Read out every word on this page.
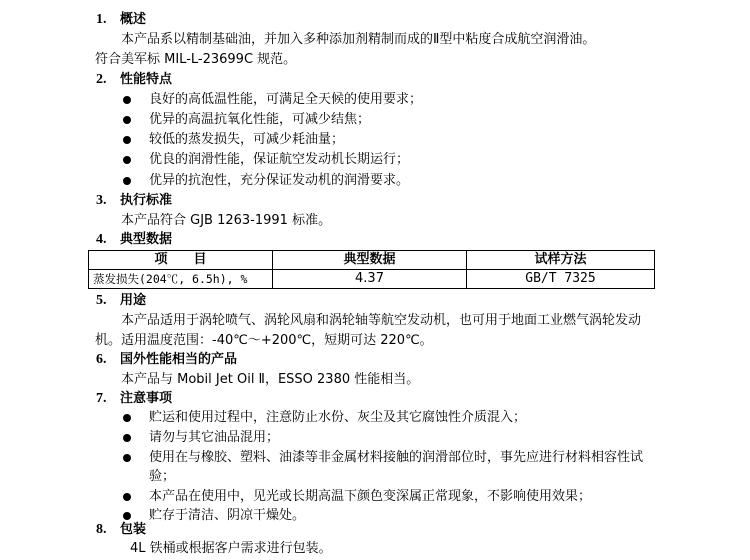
1. 概述
本产品系以精制基础油，并加入多种添加剂精制而成的Ⅱ型中粘度合成航空润滑油。
符合美军标 MIL-L-23699C 规范。
2. 性能特点
良好的高低温性能，可满足全天候的使用要求；
优异的高温抗氧化性能，可减少结焦；
较低的蒸发损失，可减少耗油量；
优良的润滑性能，保证航空发动机长期运行；
优异的抗泡性，充分保证发动机的润滑要求。
3. 执行标准
本产品符合 GJB 1263-1991 标准。
4. 典型数据
项　　目	典型数据	试样方法
蒸发损失(204℃, 6.5h), %	4.37	GB/T 7325
5. 用途
本产品适用于涡轮喷气、涡轮风扇和涡轮轴等航空发动机，也可用于地面工业燃气涡轮发动机。适用温度范围：-40℃～+200℃，短期可达 220℃。
6. 国外性能相当的产品
本产品与 Mobil Jet Oil Ⅱ，ESSO 2380 性能相当。
7. 注意事项
贮运和使用过程中，注意防止水份、灰尘及其它腐蚀性介质混入；
请勿与其它油品混用；
使用在与橡胶、塑料、油漆等非金属材料接触的润滑部位时，事先应进行材料相容性试验；
本产品在使用中，见光或长期高温下颜色变深属正常现象，不影响使用效果；
贮存于清洁、阴凉干燥处。
8. 包装
4L 铁桶或根据客户需求进行包装。
